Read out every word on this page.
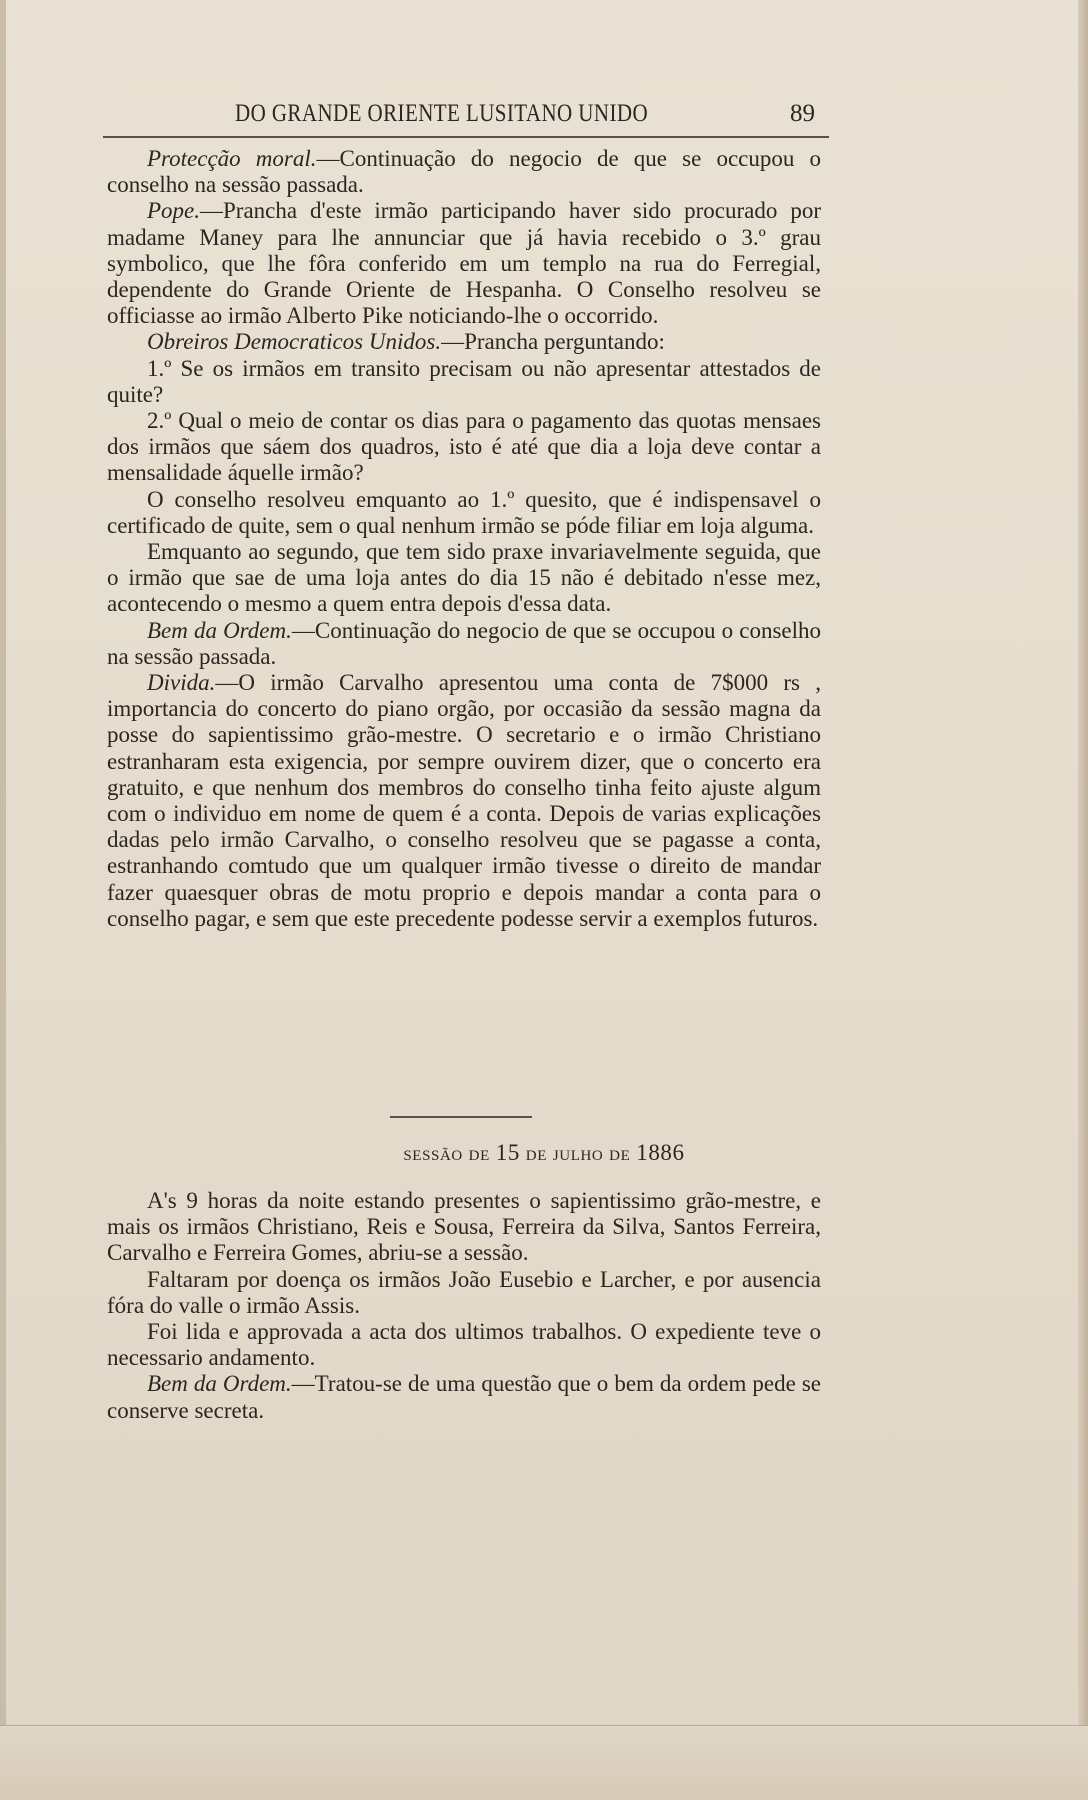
DO GRANDE ORIENTE LUSITANO UNIDO	89

Protecção moral.—Continuação do negocio de que se occupou o conselho na sessão passada.

Pope.—Prancha d'este irmão participando haver sido procurado por madame Maney para lhe annunciar que já havia recebido o 3.º grau symbolico, que lhe fôra conferido em um templo na rua do Ferregial, dependente do Grande Oriente de Hespanha. O Conselho resolveu se officiasse ao irmão Alberto Pike noticiando-lhe o occorrido.

Obreiros Democraticos Unidos.—Prancha perguntando:

1.º Se os irmãos em transito precisam ou não apresentar attestados de quite?

2.º Qual o meio de contar os dias para o pagamento das quotas mensaes dos irmãos que sáem dos quadros, isto é até que dia a loja deve contar a mensalidade áquelle irmão?

O conselho resolveu emquanto ao 1.º quesito, que é indispensavel o certificado de quite, sem o qual nenhum irmão se póde filiar em loja alguma.

Emquanto ao segundo, que tem sido praxe invariavelmente seguida, que o irmão que sae de uma loja antes do dia 15 não é debitado n'esse mez, acontecendo o mesmo a quem entra depois d'essa data.

Bem da Ordem.—Continuação do negocio de que se occupou o conselho na sessão passada.

Divida.—O irmão Carvalho apresentou uma conta de 7$000 rs , importancia do concerto do piano orgão, por occasião da sessão magna da posse do sapientissimo grão-mestre. O secretario e o irmão Christiano estranharam esta exigencia, por sempre ouvirem dizer, que o concerto era gratuito, e que nenhum dos membros do conselho tinha feito ajuste algum com o individuo em nome de quem é a conta. Depois de varias explicações dadas pelo irmão Carvalho, o conselho resolveu que se pagasse a conta, estranhando comtudo que um qualquer irmão tivesse o direito de mandar fazer quaesquer obras de motu proprio e depois mandar a conta para o conselho pagar, e sem que este precedente podesse servir a exemplos futuros.

sessão de 15 de julho de 1886

A's 9 horas da noite estando presentes o sapientissimo grão-mestre, e mais os irmãos Christiano, Reis e Sousa, Ferreira da Silva, Santos Ferreira, Carvalho e Ferreira Gomes, abriu-se a sessão.

Faltaram por doença os irmãos João Eusebio e Larcher, e por ausencia fóra do valle o irmão Assis.

Foi lida e approvada a acta dos ultimos trabalhos. O expediente teve o necessario andamento.

Bem da Ordem.—Tratou-se de uma questão que o bem da ordem pede se conserve secreta.
